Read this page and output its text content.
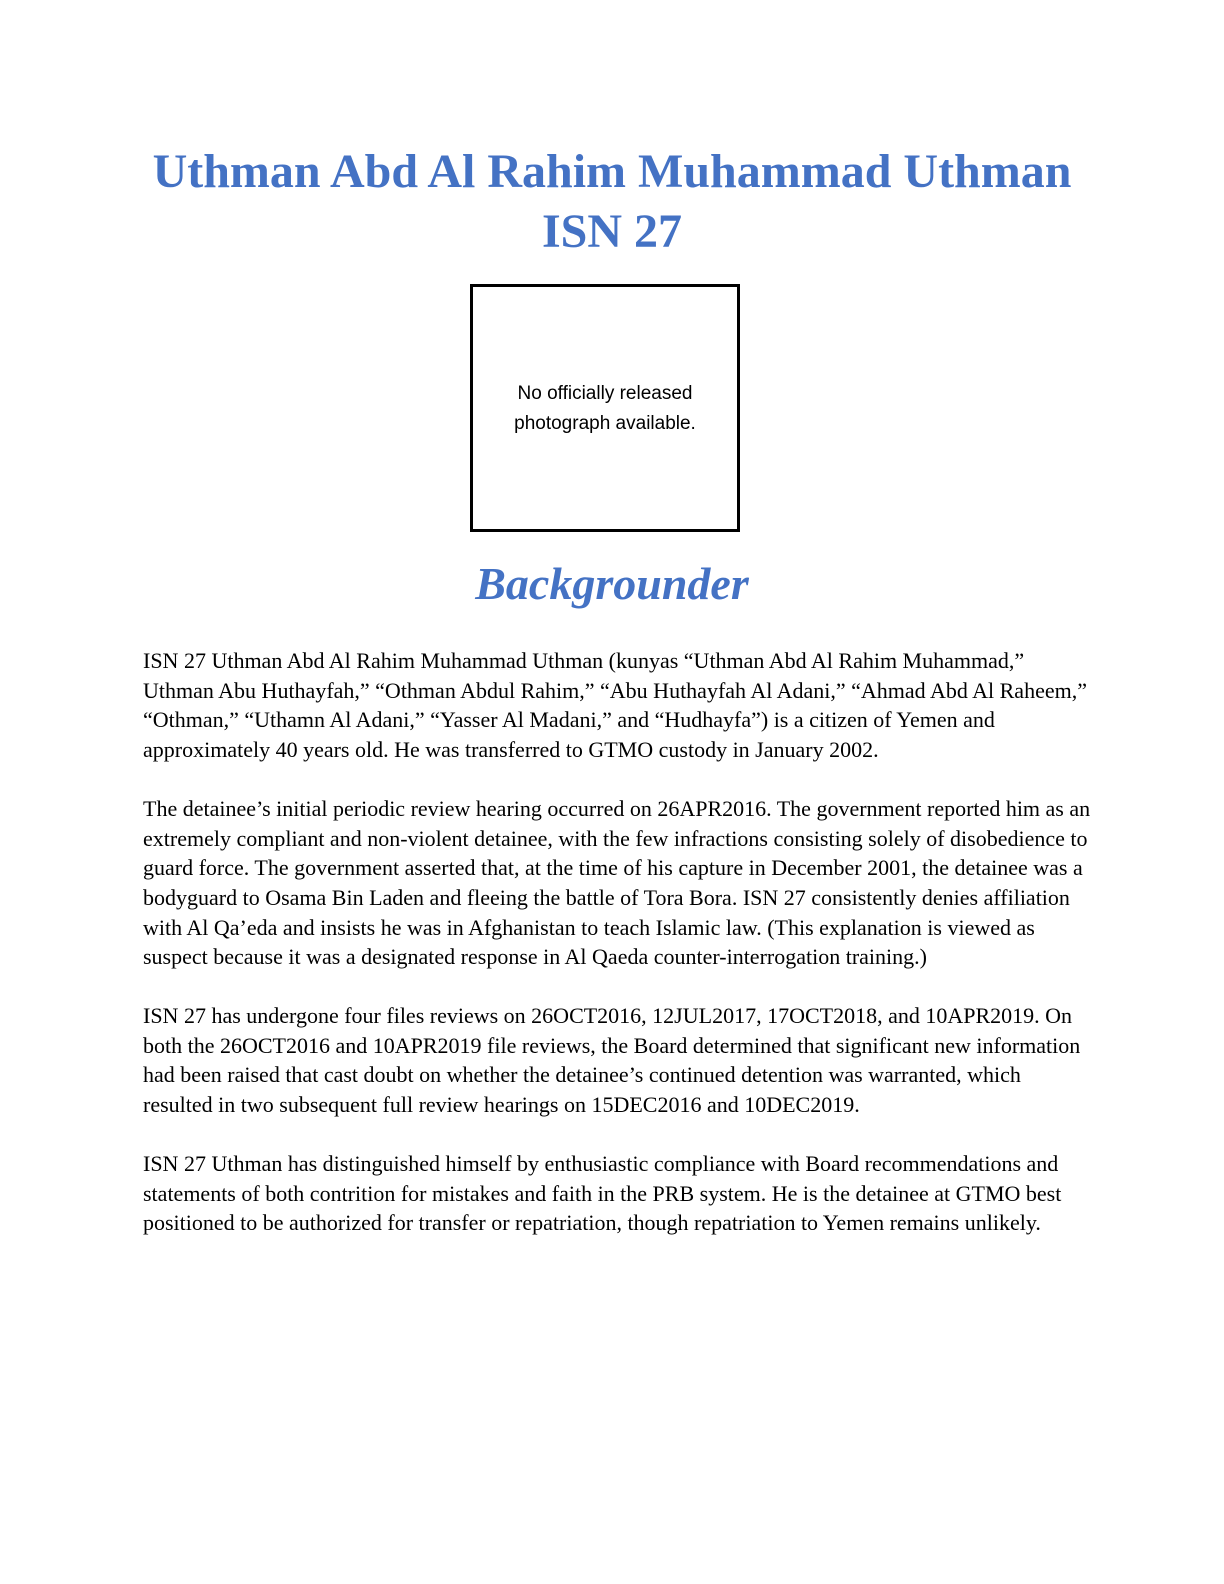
Uthman Abd Al Rahim Muhammad Uthman
ISN 27
No officially released
photograph available.
Backgrounder

ISN 27 Uthman Abd Al Rahim Muhammad Uthman (kunyas “Uthman Abd Al Rahim Muhammad,” Uthman Abu Huthayfah,” “Othman Abdul Rahim,” “Abu Huthayfah Al Adani,” “Ahmad Abd Al Raheem,” “Othman,” “Uthamn Al Adani,” “Yasser Al Madani,” and “Hudhayfa”) is a citizen of Yemen and approximately 40 years old. He was transferred to GTMO custody in January 2002.

The detainee’s initial periodic review hearing occurred on 26APR2016. The government reported him as an extremely compliant and non-violent detainee, with the few infractions consisting solely of disobedience to guard force. The government asserted that, at the time of his capture in December 2001, the detainee was a bodyguard to Osama Bin Laden and fleeing the battle of Tora Bora. ISN 27 consistently denies affiliation with Al Qa’eda and insists he was in Afghanistan to teach Islamic law. (This explanation is viewed as suspect because it was a designated response in Al Qaeda counter-interrogation training.)

ISN 27 has undergone four files reviews on 26OCT2016, 12JUL2017, 17OCT2018, and 10APR2019. On both the 26OCT2016 and 10APR2019 file reviews, the Board determined that significant new information had been raised that cast doubt on whether the detainee’s continued detention was warranted, which resulted in two subsequent full review hearings on 15DEC2016 and 10DEC2019.

ISN 27 Uthman has distinguished himself by enthusiastic compliance with Board recommendations and statements of both contrition for mistakes and faith in the PRB system. He is the detainee at GTMO best positioned to be authorized for transfer or repatriation, though repatriation to Yemen remains unlikely.
